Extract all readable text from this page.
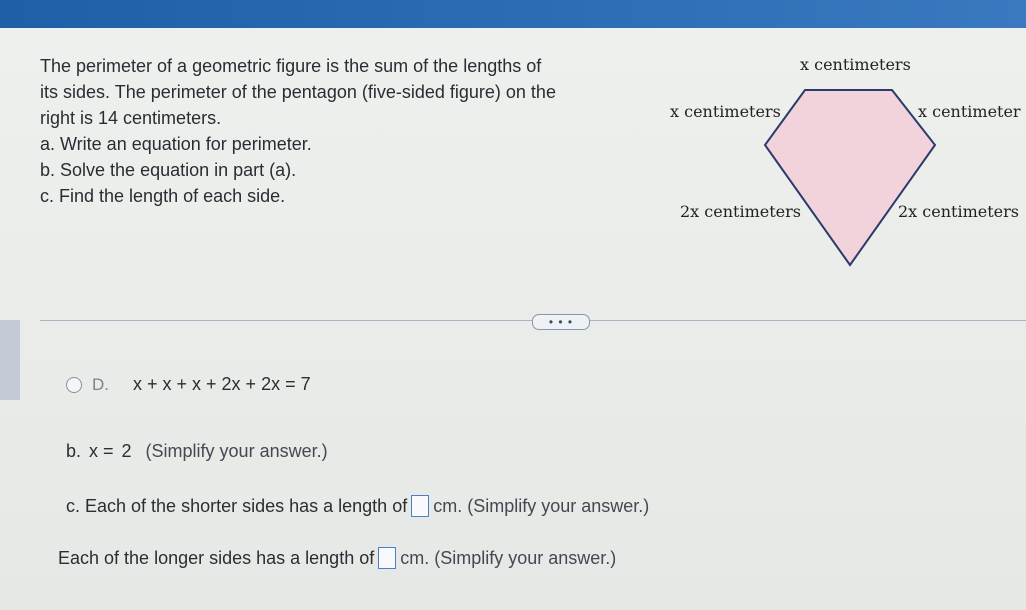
The perimeter of a geometric figure is the sum of the lengths of

its sides. The perimeter of the pentagon (five-sided figure) on the

right is 14 centimeters.

a. Write an equation for perimeter.

b. Solve the equation in part (a).

c. Find the length of each side.

x centimeters
x centimeters	x centimeter
2x centimeters	2x centimeters
• • •
D. x + x + x + 2x + 2x = 7
b. x = 2 (Simplify your answer.)
c. Each of the shorter sides has a length of cm. (Simplify your answer.)
Each of the longer sides has a length of cm. (Simplify your answer.)
